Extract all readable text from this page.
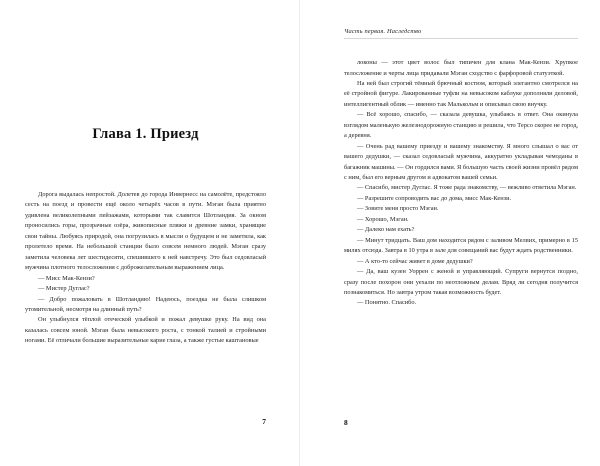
Глава 1. Приезд

Дорога выдалась непростой. Долетев до города Инвернесс на самолёте, предстояло сесть на поезд и провести ещё около четырёх часов в пути. Мэган была приятно удивлена великолепными пейзажами, которыми так славится Шотландия. За окном проносились горы, прозрачные озёра, живописные пляжи и древние замки, хранящие свои тайны. Любуясь природой, она погрузилась в мысли о будущем и не заметила, как пролетело время. На небольшой станции было совсем немного людей. Мэган сразу заметила человека лет шестидесяти, спешившего к ней навстречу. Это был седовласый мужчина плотного телосложения с доброжелательным выражением лица.

— Мисс Мак-Кензи?

— Мистер Дуглас?

— Добро пожаловать в Шотландию! Надеюсь, поездка не была слишком утомительной, несмотря на длинный путь?

Он улыбнулся тёплой отеческой улыбкой и пожал девушке руку. На вид она казалась совсем юной. Мэган была невысокого роста, с тонкой талией и стройными ногами. Её отличали большие выразительные карие глаза, а также густые каштановые

7
Часть первая. Наследство

локоны — этот цвет волос был типичен для клана Мак-Кензи. Хрупкое телосложение и черты лица придавали Мэган сходство с фарфоровой статуэткой.

На ней был строгий тёмный брючный костюм, который элегантно смотрелся на её стройной фигуре. Лакированные туфли на невысоком каблуке дополняли деловой, интеллигентный облик — именно так Малькольм и описывал свою внучку.

— Всё хорошо, спасибо, — сказала девушка, улыбаясь в ответ. Она окинула взглядом маленькую железнодорожную станцию и решила, что Терсо скорее не город, а деревня.

— Очень рад вашему приезду и вашему знакомству. Я много слышал о вас от вашего дедушки, — сказал седовласый мужчина, аккуратно укладывая чемоданы в багажник машины. — Он гордился вами. Я большую часть своей жизни провёл рядом с ним, был его верным другом и адвокатом вашей семьи.

— Спасибо, мистер Дуглас. Я тоже рада знакомству, — вежливо ответила Мэган.

— Разрешите сопроводить вас до дома, мисс Мак-Кензи.

— Зовите меня просто Мэган.

— Хорошо, Мэган.

— Далеко нам ехать?

— Минут тридцать. Ваш дом находится рядом с заливом Мелвих, примерно в 15 милях отсюда. Завтра в 10 утра в зале для совещаний вас будут ждать родственники.

— А кто-то сейчас живет в доме дедушки?

— Да, ваш кузен Уоррен с женой и управляющий. Супруги вернутся поздно, сразу после похорон они уехали по неотложным делам. Вряд ли сегодня получится познакомиться. Но завтра утром такая возможность будет.

— Понятно. Спасибо.

8
